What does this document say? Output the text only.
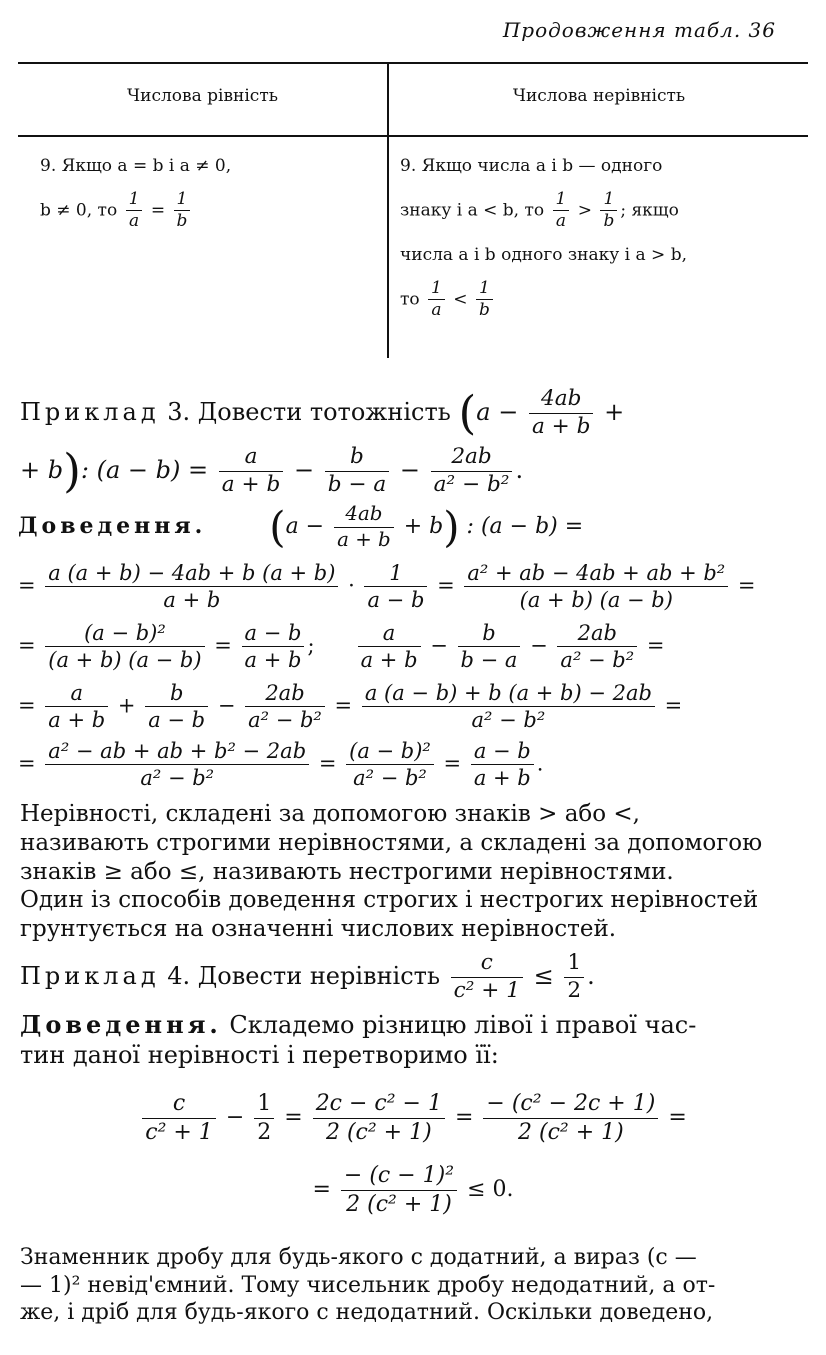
Продовження табл. 36
Числова рівність	Числова нерівність
9. Якщо a = b і a ≠ 0,
b ≠ 0, то $\frac{1}{a} = \frac{1}{b}$
9. Якщо числа a і b — одного
знаку і a < b, то $\frac{1}{a} > \frac{1}{b}$ ; якщо
числа a і b одного знаку і a > b,
то $\frac{1}{a} < \frac{1}{b}$
Приклад 3. Довести тотожність ($a - \frac{4ab}{a + b}$ +
+ b): $(a - b) = \frac{a}{a + b} - \frac{b}{b - a} - \frac{2ab}{\text{a² − b²}}$ .
Доведення. $(a - \frac{4ab}{a + b} + b)$ : (a − b) =
= $\frac{a (a + b) - 4ab + b (a + b)}{a + b} \cdot \frac{1}{a - b} = \frac{\text{a² + ab − 4ab + ab + b²}}{(a + b) (a - b)}$ =
= $\frac{\text{(a − b)²}}{(a + b) (a - b)} = \frac{a - b}{a + b}$ ; $\frac{a}{a + b} - \frac{b}{b - a} - \frac{2ab}{\text{a² − b²}}$ =
= $\frac{a}{a + b} + \frac{b}{a - b} - \frac{2ab}{\text{a² − b²}} = \frac{a (a - b) + b (a + b) - 2ab}{\text{a² − b²}}$ =
= $\frac{\text{a² − ab + ab + b² − 2ab}}{\text{a² − b²}} = \frac{\text{(a − b)²}}{\text{a² − b²}} = \frac{a - b}{a + b}$ .
Нерівності, складені за допомогою знаків > або <,
називають строгими нерівностями, а складені за допомогою
знаків ≥ або ≤, називають нестрогими нерівностями.
Один із способів доведення строгих і нестрогих нерівностей
грунтується на означенні числових нерівностей.
Приклад 4. Довести нерівність $\frac{c}{\text{c² + 1}} \le \frac{1}{2}$ .
Доведення. Складемо різницю лівої і правої час-
тин даної нерівності і перетворимо її:
$\frac{c}{\text{c² + 1}} - \frac{1}{2} = \frac{\text{2c − c² − 1}}{\text{2 (c² + 1)}} = \frac{\text{− (c² − 2c + 1)}}{\text{2 (c² + 1)}}$ =
= $\frac{\text{− (c − 1)²}}{\text{2 (c² + 1)}} \le 0$.
Знаменник дробу для будь-якого c додатний, а вираз (c —
— 1)² невід'ємний. Тому чисельник дробу недодатний, а от-
же, і дріб для будь-якого c недодатний. Оскільки доведено,
